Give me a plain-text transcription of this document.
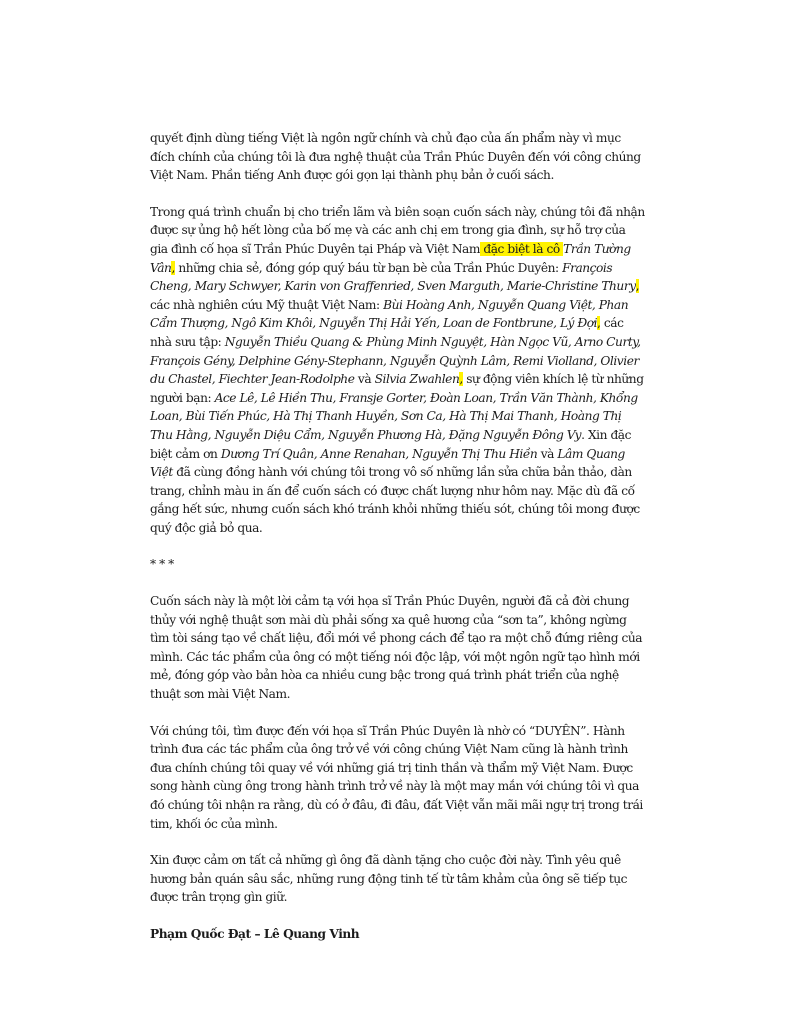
quyết định dùng tiếng Việt là ngôn ngữ chính và chủ đạo của ấn phẩm này vì mục đích chính của chúng tôi là đưa nghệ thuật của Trần Phúc Duyên đến với công chúng Việt Nam. Phần tiếng Anh được gói gọn lại thành phụ bản ở cuối sách.

Trong quá trình chuẩn bị cho triển lãm và biên soạn cuốn sách này, chúng tôi đã nhận được sự ủng hộ hết lòng của bố mẹ và các anh chị em trong gia đình, sự hỗ trợ của gia đình cố họa sĩ Trần Phúc Duyên tại Pháp và Việt Nam đặc biệt là cô Trần Tường Vân, những chia sẻ, đóng góp quý báu từ bạn bè của Trần Phúc Duyên: François Cheng, Mary Schwyer, Karin von Graffenried, Sven Marguth, Marie-Christine Thury, các nhà nghiên cứu Mỹ thuật Việt Nam: Bùi Hoàng Anh, Nguyễn Quang Việt, Phan Cẩm Thượng, Ngô Kim Khôi, Nguyễn Thị Hải Yến, Loan de Fontbrune, Lý Đợi, các nhà sưu tập: Nguyễn Thiều Quang & Phùng Minh Nguyệt, Hàn Ngọc Vũ, Arno Curty, François Gény, Delphine Gény-Stephann, Nguyễn Quỳnh Lâm, Remi Violland, Olivier du Chastel, Fiechter Jean-Rodolphe và Silvia Zwahlen, sự động viên khích lệ từ những người bạn: Ace Lê, Lê Hiền Thu, Fransje Gorter, Đoàn Loan, Trần Văn Thành, Khổng Loan, Bùi Tiến Phúc, Hà Thị Thanh Huyền, Sơn Ca, Hà Thị Mai Thanh, Hoàng Thị Thu Hằng, Nguyễn Diệu Cẩm, Nguyễn Phương Hà, Đặng Nguyễn Đông Vy. Xin đặc biệt cảm ơn Dương Trí Quân, Anne Renahan, Nguyễn Thị Thu Hiền và Lâm Quang Việt đã cùng đồng hành với chúng tôi trong vô số những lần sửa chữa bản thảo, dàn trang, chỉnh màu in ấn để cuốn sách có được chất lượng như hôm nay. Mặc dù đã cố gắng hết sức, nhưng cuốn sách khó tránh khỏi những thiếu sót, chúng tôi mong được quý độc giả bỏ qua.

* * *

Cuốn sách này là một lời cảm tạ với họa sĩ Trần Phúc Duyên, người đã cả đời chung thủy với nghệ thuật sơn mài dù phải sống xa quê hương của “sơn ta”, không ngừng tìm tòi sáng tạo về chất liệu, đổi mới về phong cách để tạo ra một chỗ đứng riêng của mình. Các tác phẩm của ông có một tiếng nói độc lập, với một ngôn ngữ tạo hình mới mẻ, đóng góp vào bản hòa ca nhiều cung bậc trong quá trình phát triển của nghệ thuật sơn mài Việt Nam.

Với chúng tôi, tìm được đến với họa sĩ Trần Phúc Duyên là nhờ có “DUYÊN”. Hành trình đưa các tác phẩm của ông trở về với công chúng Việt Nam cũng là hành trình đưa chính chúng tôi quay về với những giá trị tinh thần và thẩm mỹ Việt Nam. Được song hành cùng ông trong hành trình trở về này là một may mắn với chúng tôi vì qua đó chúng tôi nhận ra rằng, dù có ở đâu, đi đâu, đất Việt vẫn mãi mãi ngự trị trong trái tim, khối óc của mình.

Xin được cảm ơn tất cả những gì ông đã dành tặng cho cuộc đời này. Tình yêu quê hương bản quán sâu sắc, những rung động tinh tế từ tâm khảm của ông sẽ tiếp tục được trân trọng gìn giữ.

Phạm Quốc Đạt – Lê Quang Vinh
